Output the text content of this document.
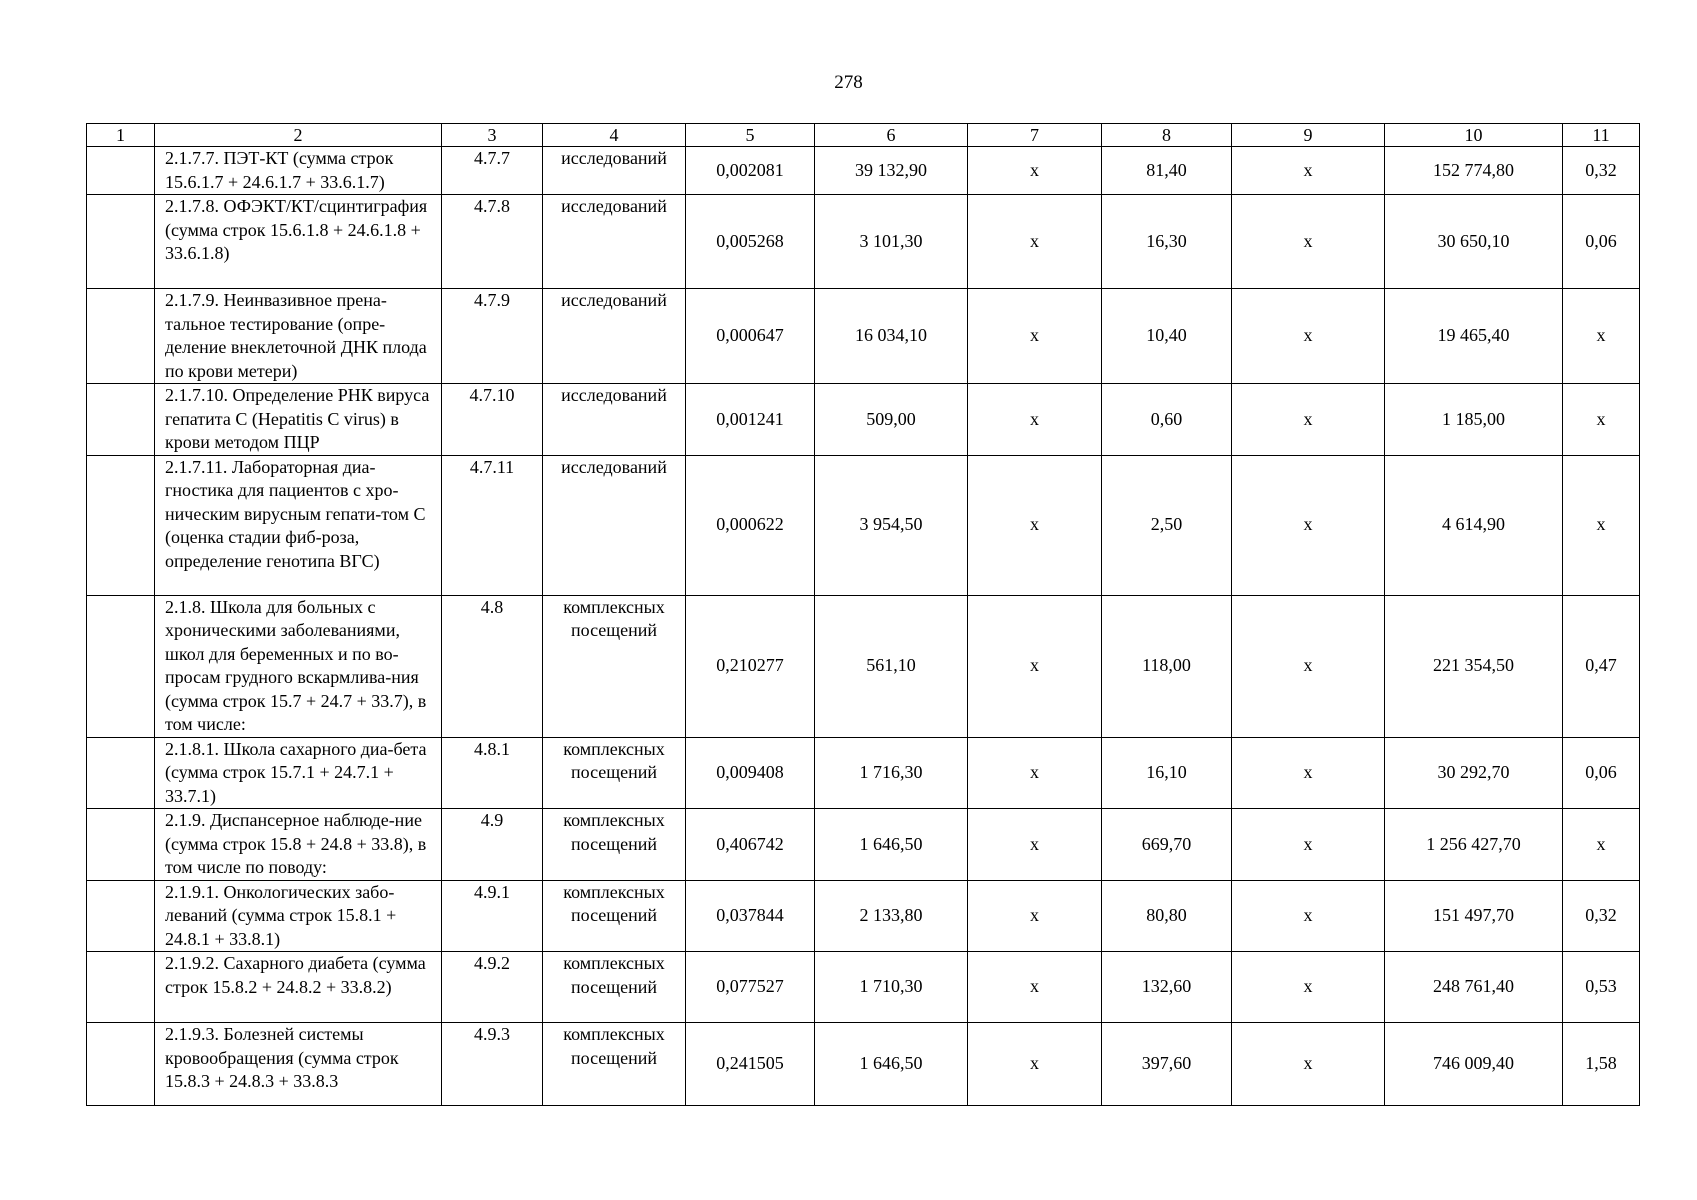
278
1	2	3	4	5	6	7	8	9	10	11
	2.1.7.7. ПЭТ-КТ (сумма строк 15.6.1.7 + 24.6.1.7 + 33.6.1.7)	4.7.7	исследований	0,002081	39 132,90	х	81,40	х	152 774,80	0,32
	2.1.7.8. ОФЭКТ/КТ/сцинтиграфия (сумма строк 15.6.1.8 + 24.6.1.8 + 33.6.1.8)	4.7.8	исследований	0,005268	3 101,30	х	16,30	х	30 650,10	0,06
	2.1.7.9. Неинвазивное прена-тальное тестирование (опре-деление внеклеточной ДНК плода по крови метери)	4.7.9	исследований	0,000647	16 034,10	х	10,40	х	19 465,40	х
	2.1.7.10. Определение РНК вируса гепатита С (Hepatitis С virus) в крови методом ПЦР	4.7.10	исследований	0,001241	509,00	х	0,60	х	1 185,00	х
	2.1.7.11. Лабораторная диа-гностика для пациентов с хро-ническим вирусным гепати-том С (оценка стадии фиб-роза, определение генотипа ВГС)	4.7.11	исследований	0,000622	3 954,50	х	2,50	х	4 614,90	х
	2.1.8. Школа для больных с хроническими заболеваниями, школ для беременных и по во-просам грудного вскармлива-ния (сумма строк 15.7 + 24.7 + 33.7), в том числе:	4.8	комплексных посещений	0,210277	561,10	х	118,00	х	221 354,50	0,47
	2.1.8.1. Школа сахарного диа-бета (сумма строк 15.7.1 + 24.7.1 + 33.7.1)	4.8.1	комплексных посещений	0,009408	1 716,30	х	16,10	х	30 292,70	0,06
	2.1.9. Диспансерное наблюде-ние (сумма строк 15.8 + 24.8 + 33.8), в том числе по поводу:	4.9	комплексных посещений	0,406742	1 646,50	х	669,70	х	1 256 427,70	х
	2.1.9.1. Онкологических забо-леваний (сумма строк 15.8.1 + 24.8.1 + 33.8.1)	4.9.1	комплексных посещений	0,037844	2 133,80	х	80,80	х	151 497,70	0,32
	2.1.9.2. Сахарного диабета (сумма строк 15.8.2 + 24.8.2 + 33.8.2)	4.9.2	комплексных посещений	0,077527	1 710,30	х	132,60	х	248 761,40	0,53
	2.1.9.3. Болезней системы кровообращения (сумма строк 15.8.3 + 24.8.3 + 33.8.3	4.9.3	комплексных посещений	0,241505	1 646,50	х	397,60	х	746 009,40	1,58
